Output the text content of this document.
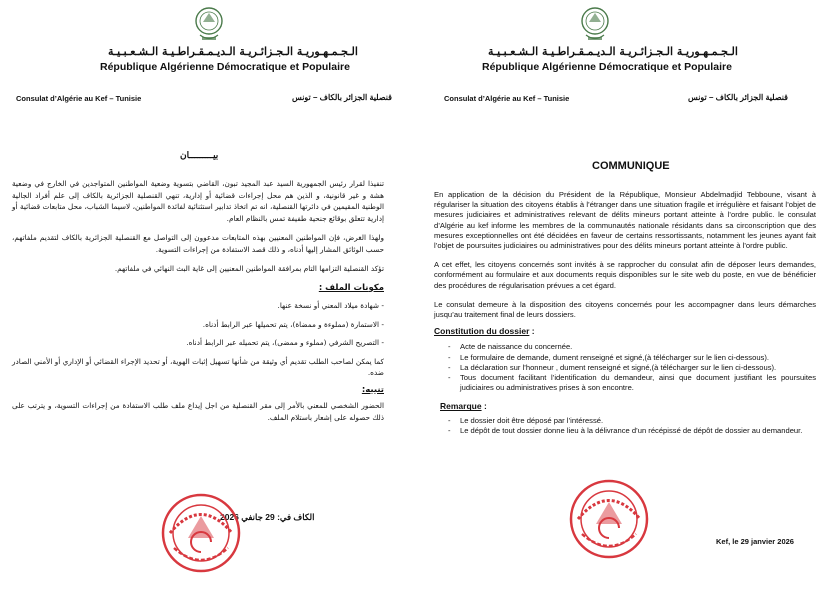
الـجـمـهـوريـة الـجـزائـريـة الـديـمـقـراطـيـة الـشـعـبـيـة
République Algérienne Démocratique et Populaire
Consulat d’Algérie au Kef – Tunisie	قنصلية الجزائر بالكاف – تونس
بيـــــــــان

تنفيذا لقرار رئيس الجمهورية السيد عبد المجيد تبون، القاضي بتسوية وضعية المواطنين المتواجدين في الخارج في وضعية هشة و غير قانونية، و الذين هم محل إجراءات قضائية أو إدارية، تنهي القنصلية الجزائرية بالكاف إلى علم أفراد الجالية الوطنية المقيمين في دائرتها القنصلية، انه تم اتخاذ تدابير استثنائية لفائدة المواطنين، لاسيما الشباب، محل متابعات قضائية أو إدارية تتعلق بوقائع جنحية طفيفة تمس بالنظام العام.

ولهذا الغرض، فإن المواطنين المعنيين بهذه المتابعات مدعوون إلى التواصل مع القنصلية الجزائرية بالكاف لتقديم ملفاتهم، حسب الوثائق المشار إليها أدناه، و ذلك قصد الاستفادة من إجراءات التسوية.

تؤكد القنصلية التزامها التام بمرافقة المواطنين المعنيين إلى غاية البث النهائي في ملفاتهم.

مكونات الملف :

- شهادة ميلاد المعني أو نسخة عنها.
- الاستمارة (مملوءة و ممضاة)، يتم تحميلها عبر الرابط أدناه.
- التصريح الشرفي (مملوء و ممضى)، يتم تحميله عبر الرابط أدناه.

كما يمكن لصاحب الطلب تقديم أي وثيقة من شأنها تسهيل إثبات الهوية، أو تحديد الإجراء القضائي أو الإداري أو الأمني الصادر ضده.

تنبيه:

الحضور الشخصي للمعني بالأمر إلى مقر القنصلية من اجل إيداع ملف طلب الاستفادة من إجراءات التسوية، و يترتب على ذلك حصوله على إشعار باستلام الملف.

الكاف في: 29 جانفي 2026
الـجـمـهـوريـة الـجـزائـريـة الـديـمـقـراطـيـة الـشـعـبـيـة
République Algérienne Démocratique et Populaire
Consulat d’Algérie au Kef – Tunisie	قنصلية الجزائر بالكاف – تونس
COMMUNIQUE

En application de la décision du Président de la République, Monsieur Abdelmadjid Tebboune, visant à régulariser la situation des citoyens établis à l’étranger dans une situation fragile et irrégulière et faisant l’objet de mesures judiciaires et administratives relevant de délits mineurs portant atteinte à l’ordre public. le consulat d’Algérie au kef informe les membres de la communautés nationale résidants dans sa circonscription que des mesures exceptionnelles ont été décidées en faveur de certains ressortissants, notamment les jeunes ayant fait l’objet de poursuites judiciaires ou administratives pour des délits mineurs portant atteinte à l’ordre public.

A cet effet, les citoyens concernés sont invités à se rapprocher du consulat afin de déposer leurs demandes, conformément au formulaire et aux documents requis disponibles sur le site web du poste, en vue de bénéficier des procédures de régularisation prévues a cet égard.

Le consulat demeure à la disposition des citoyens concernés pour les accompagner dans leurs démarches jusqu’au traitement final de leurs dossiers.

Constitution du dossier :

- Acte de naissance du concernée.
- Le formulaire de demande, dument renseigné et signé,(à télécharger sur le lien ci-dessous).
- La déclaration sur l’honneur , dument renseigné et signé,(à télécharger sur le lien ci-dessous).
- Tous document facilitant l’identification du demandeur, ainsi que document justifiant les poursuites judiciaires ou administratives prises à son encontre.

Remarque :

- Le dossier doit être déposé par l’intéressé.
- Le dépôt de tout dossier donne lieu à la délivrance d’un récépissé de dépôt de dossier au demandeur.
Kef, le 29 janvier 2026
